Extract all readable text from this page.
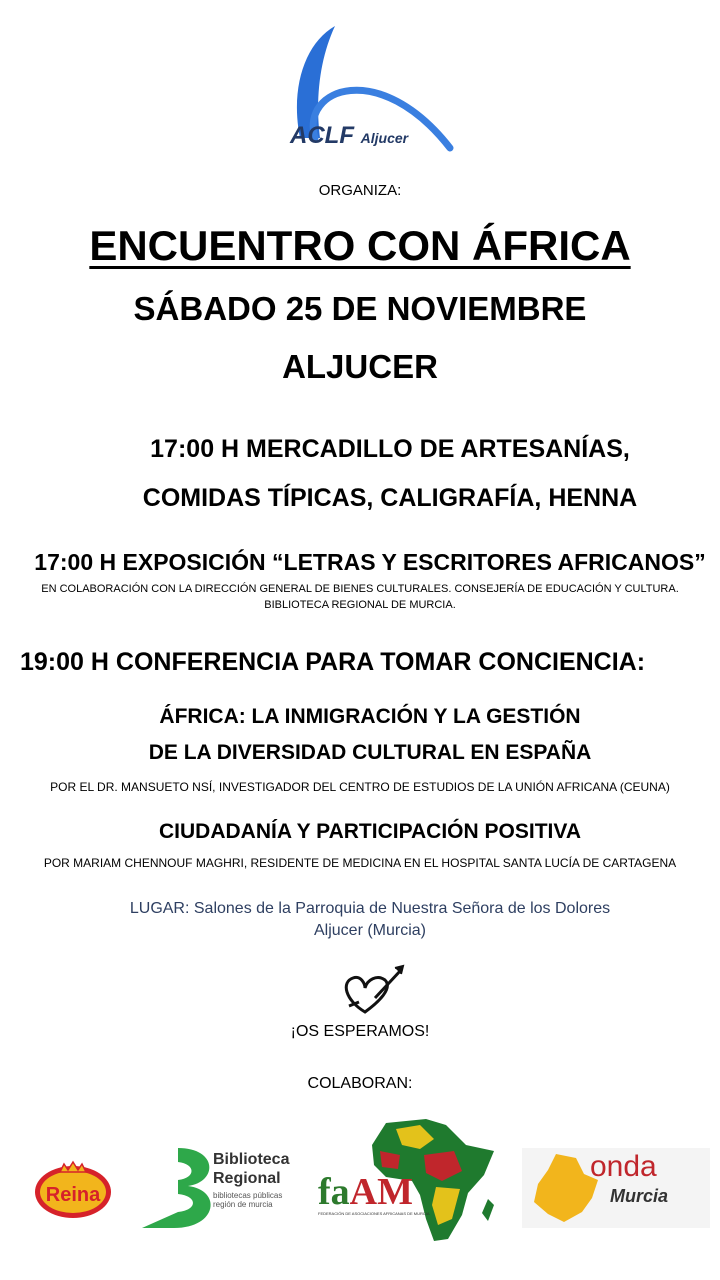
ACLF Aljucer
ORGANIZA:
ENCUENTRO CON ÁFRICA
SÁBADO 25 DE NOVIEMBRE
ALJUCER
17:00 H MERCADILLO DE ARTESANÍAS,
COMIDAS TÍPICAS, CALIGRAFÍA, HENNA
17:00 H EXPOSICIÓN “LETRAS Y ESCRITORES AFRICANOS”
EN COLABORACIÓN CON LA DIRECCIÓN GENERAL DE BIENES CULTURALES. CONSEJERÍA DE EDUCACIÓN Y CULTURA.
BIBLIOTECA REGIONAL DE MURCIA.
19:00 H CONFERENCIA PARA TOMAR CONCIENCIA:
ÁFRICA: LA INMIGRACIÓN Y LA GESTIÓN
DE LA DIVERSIDAD CULTURAL EN ESPAÑA
POR EL DR. MANSUETO NSÍ, INVESTIGADOR DEL CENTRO DE ESTUDIOS DE LA UNIÓN AFRICANA (CEUNA)
CIUDADANÍA Y PARTICIPACIÓN POSITIVA
POR MARIAM CHENNOUF MAGHRI, RESIDENTE DE MEDICINA EN EL HOSPITAL SANTA LUCÍA DE CARTAGENA
LUGAR: Salones de la Parroquia de Nuestra Señora de los Dolores
Aljucer (Murcia)
¡OS ESPERAMOS!
COLABORAN:
Reina
Biblioteca
Regional
bibliotecas públicas
región de murcia faAM
FEDERACIÓN DE ASOCIACIONES AFRICANAS DE MURCIA
onda
Murcia
